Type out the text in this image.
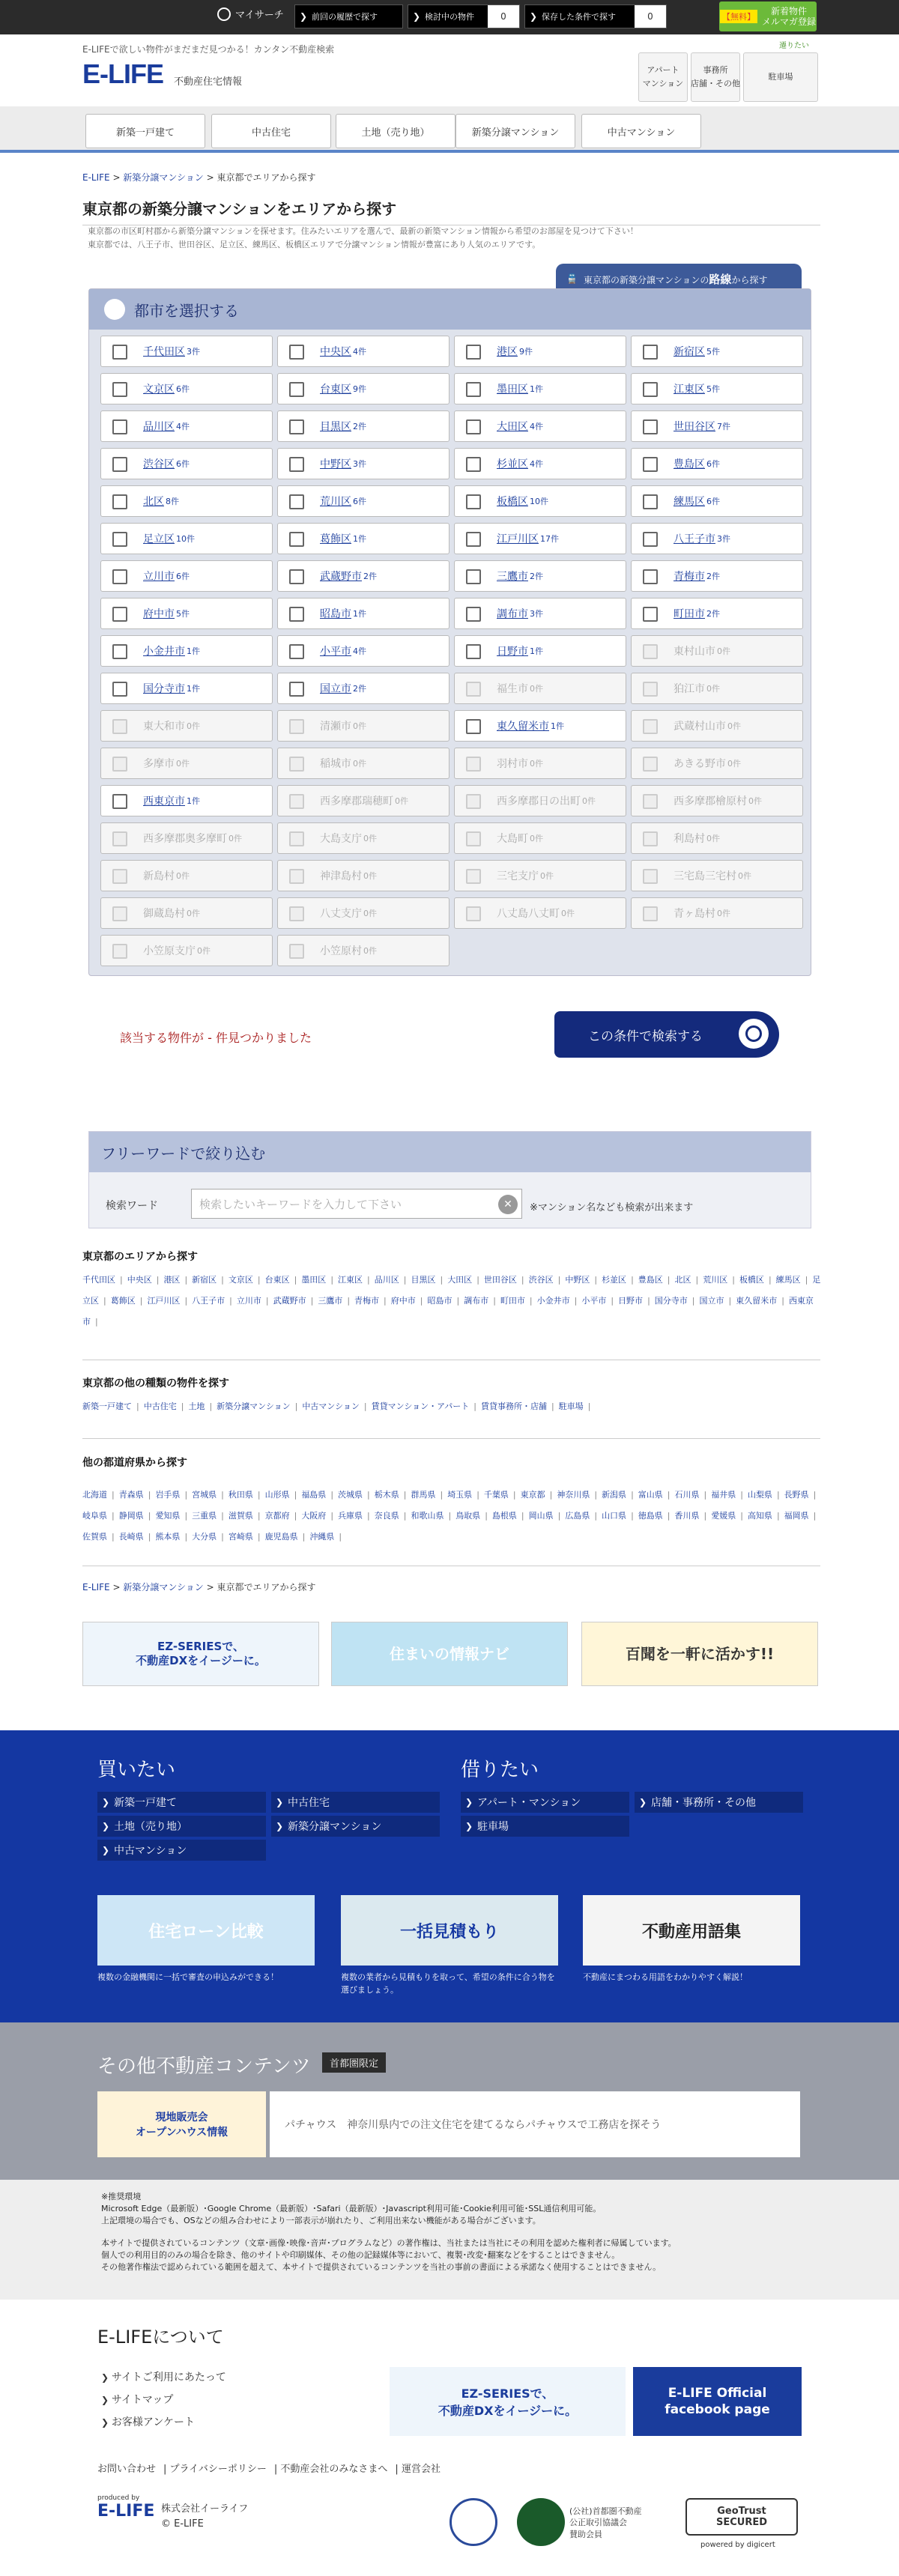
マイサーチ	❯ 前回の履歴で探す	❯ 検討中の物件	0	❯ 保存した条件で探す	0	【無料】
新着物件
メルマガ登録
遷りたい
E-LIFEで欲しい物件がまだまだ見つかる！カンタン不動産検索
E-LIFE 不動産住宅情報
アパート
マンション
事務所
店舗・その他
駐車場
新築一戸建て	中古住宅	土地（売り地）	新築分譲マンション	中古マンション
E-LIFE > 新築分譲マンション > 東京都でエリアから探す
東京都の新築分譲マンションをエリアから探す
東京都の市区町村郡から新築分譲マンションを探せます。住みたいエリアを選んで、最新の新築マンション情報から希望のお部屋を見つけて下さい！
東京都では、八王子市、世田谷区、足立区、練馬区、板橋区エリアで分譲マンション情報が豊富にあり人気のエリアです。
🚆 東京都の新築分譲マンションの路線から探す
都市を選択する
千代田区 3件	中央区 4件	港区 9件	新宿区 5件
文京区 6件	台東区 9件	墨田区 1件	江東区 5件
品川区 4件	目黒区 2件	大田区 4件	世田谷区 7件
渋谷区 6件	中野区 3件	杉並区 4件	豊島区 6件
北区 8件	荒川区 6件	板橋区 10件	練馬区 6件
足立区 10件	葛飾区 1件	江戸川区 17件	八王子市 3件
立川市 6件	武蔵野市 2件	三鷹市 2件	青梅市 2件
府中市 5件	昭島市 1件	調布市 3件	町田市 2件
小金井市 1件	小平市 4件	日野市 1件	東村山市 0件
国分寺市 1件	国立市 2件	福生市 0件	狛江市 0件
東大和市 0件	清瀬市 0件	東久留米市 1件	武蔵村山市 0件
多摩市 0件	稲城市 0件	羽村市 0件	あきる野市 0件
西東京市 1件	西多摩郡瑞穂町 0件	西多摩郡日の出町 0件	西多摩郡檜原村 0件
西多摩郡奥多摩町 0件	大島支庁 0件	大島町 0件	利島村 0件
新島村 0件	神津島村 0件	三宅支庁 0件	三宅島三宅村 0件
御蔵島村 0件	八丈支庁 0件	八丈島八丈町 0件	青ヶ島村 0件
小笠原支庁 0件	小笠原村 0件
該当する物件が - 件見つかりました	この条件で検索する
フリーワードで絞り込む
検索ワード	検索したいキーワードを入力して下さい	✕	※マンション名なども検索が出来ます
東京都のエリアから探す
千代田区 | 中央区 | 港区 | 新宿区 | 文京区 | 台東区 | 墨田区 | 江東区 | 品川区 | 目黒区 | 大田区 | 世田谷区 | 渋谷区 | 中野区 | 杉並区 | 豊島区 | 北区 | 荒川区 | 板橋区 | 練馬区 | 足立区 | 葛飾区 | 江戸川区 | 八王子市 | 立川市 | 武蔵野市 | 三鷹市 | 青梅市 | 府中市 | 昭島市 | 調布市 | 町田市 | 小金井市 | 小平市 | 日野市 | 国分寺市 | 国立市 | 東久留米市 | 西東京市 |
東京都の他の種類の物件を探す
新築一戸建て | 中古住宅 | 土地 | 新築分譲マンション | 中古マンション | 賃貸マンション・アパート | 賃貸事務所・店舗 | 駐車場 |
他の都道府県から探す
北海道 | 青森県 | 岩手県 | 宮城県 | 秋田県 | 山形県 | 福島県 | 茨城県 | 栃木県 | 群馬県 | 埼玉県 | 千葉県 | 東京都 | 神奈川県 | 新潟県 | 富山県 | 石川県 | 福井県 | 山梨県 | 長野県 |岐阜県 | 静岡県 | 愛知県 | 三重県 | 滋賀県 | 京都府 | 大阪府 | 兵庫県 | 奈良県 | 和歌山県 | 鳥取県 | 島根県 | 岡山県 | 広島県 | 山口県 | 徳島県 | 香川県 | 愛媛県 | 高知県 | 福岡県 |佐賀県 | 長崎県 | 熊本県 | 大分県 | 宮崎県 | 鹿児島県 | 沖縄県 |
E-LIFE > 新築分譲マンション > 東京都でエリアから探す
EZ-SERIESで、
不動産DXをイージーに。	住まいの情報ナビ	百聞を一軒に活かす!!
買いたい
❯ 新築一戸建て	❯ 中古住宅
❯ 土地（売り地）	❯ 新築分譲マンション
❯ 中古マンション
借りたい
❯ アパート・マンション	❯ 店舗・事務所・その他
❯ 駐車場
住宅ローン比較
複数の金融機関に一括で審査の申込みができる！
一括見積もり
複数の業者から見積もりを取って、希望の条件に合う物を選びましょう。
不動産用語集
不動産にまつわる用語をわかりやすく解説！
その他不動産コンテンツ	首都圏限定
現地販売会
オープンハウス情報
パチャウス　神奈川県内での注文住宅を建てるならパチャウスで工務店を探そう
※推奨環境
Microsoft Edge（最新版）･Google Chrome（最新版）･Safari（最新版）･Javascript利用可能･Cookie利用可能･SSL通信利用可能。
上記環境の場合でも、OSなどの組み合わせにより一部表示が崩れたり、ご利用出来ない機能がある場合がございます。
本サイトで提供されているコンテンツ（文章･画像･映像･音声･プログラムなど）の著作権は、当社または当社にその利用を認めた権利者に帰属しています。
個人での利用目的のみの場合を除き、他のサイトや印刷媒体、その他の記録媒体等において、複製･改変･翻案などをすることはできません。
その他著作権法で認められている範囲を超えて、本サイトで提供されているコンテンツを当社の事前の書面による承諾なく使用することはできません。
E-LIFEについて
❯ サイトご利用にあたって
❯ サイトマップ
❯ お客様アンケート
EZ-SERIESで、
不動産DXをイージーに。
E-LIFE Official
facebook page
お問い合わせ | プライバシーポリシー | 不動産会社のみなさまへ | 運営会社
produced by
E-LIFE 株式会社イーライフ
© E-LIFE
(公社)首都圏不動産
公正取引協議会
賛助会員
GeoTrust
SECURED
powered by digicert
